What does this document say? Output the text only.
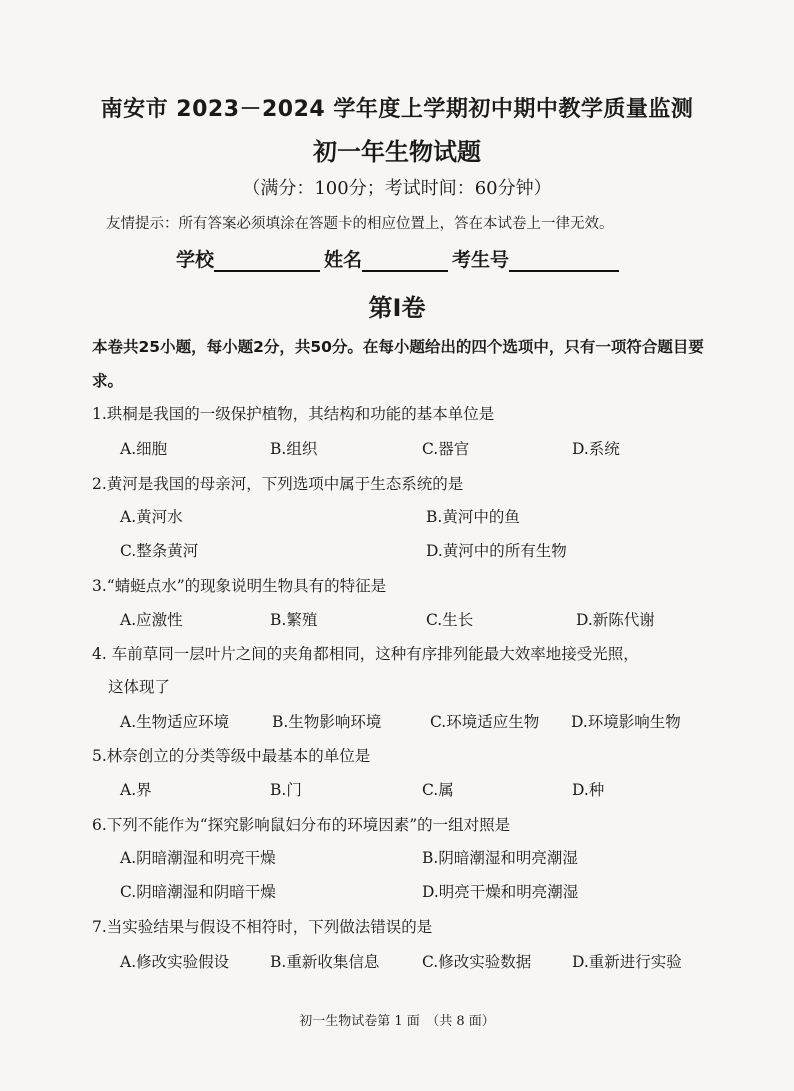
南安市 2023－2024 学年度上学期初中期中教学质量监测
初一年生物试题
（满分：100分；考试时间：60分钟）
友情提示：所有答案必须填涂在答题卡的相应位置上，答在本试卷上一律无效。
学校	姓名	考生号
第Ⅰ卷
本卷共25小题，每小题2分，共50分。在每小题给出的四个选项中，只有一项符合题目要求。
1.珙桐是我国的一级保护植物，其结构和功能的基本单位是
A.细胞	B.组织	C.器官	D.系统
2.黄河是我国的母亲河，下列选项中属于生态系统的是
A.黄河水	B.黄河中的鱼
C.整条黄河	D.黄河中的所有生物
3.“蜻蜓点水”的现象说明生物具有的特征是
A.应激性	B.繁殖	C.生长	D.新陈代谢
4. 车前草同一层叶片之间的夹角都相同，这种有序排列能最大效率地接受光照，
这体现了
A.生物适应环境	B.生物影响环境	C.环境适应生物 D.环境影响生物
5.林奈创立的分类等级中最基本的单位是
A.界	B.门	C.属	D.种
6.下列不能作为“探究影响鼠妇分布的环境因素”的一组对照是
A.阴暗潮湿和明亮干燥	B.阴暗潮湿和明亮潮湿
C.阴暗潮湿和阴暗干燥	D.明亮干燥和明亮潮湿
7.当实验结果与假设不相符时，下列做法错误的是
A.修改实验假设	B.重新收集信息	C.修改实验数据	D.重新进行实验
初一生物试卷第 1 面　（共 8 面）
